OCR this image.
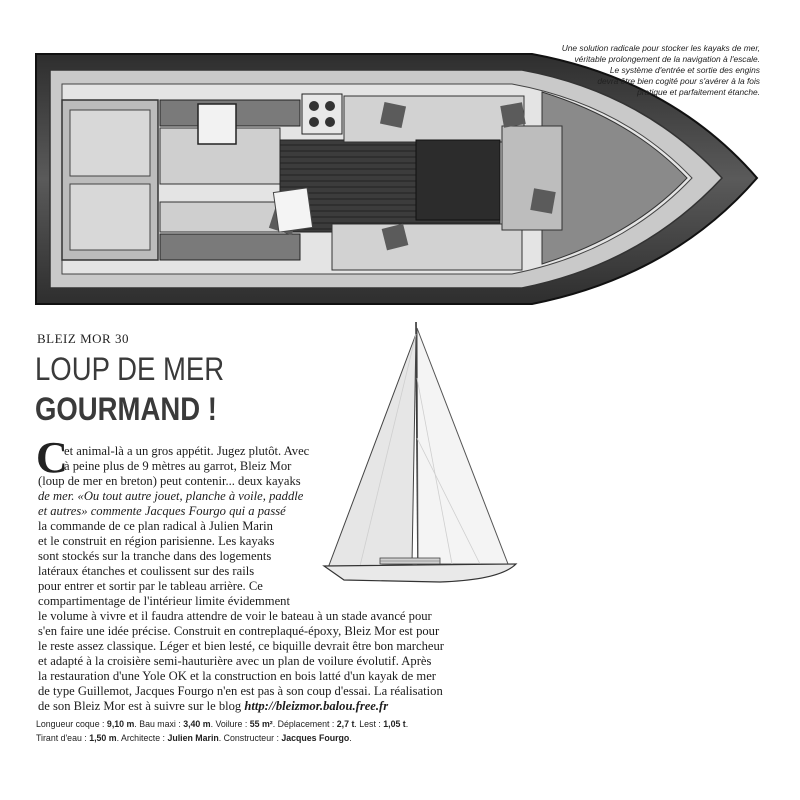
Une solution radicale pour stocker les kayaks de mer,
véritable prolongement de la navigation à l'escale.
Le système d'entrée et sortie des engins
devra être bien cogité pour s'avérer à la fois
pratique et parfaitement étanche.
BLEIZ MOR 30
LOUP DE MER
GOURMAND !
C
et animal-là a un gros appétit. Jugez plutôt. Avec
à peine plus de 9 mètres au garrot, Bleiz Mor
(loup de mer en breton) peut contenir... deux kayaks
de mer. «Ou tout autre jouet, planche à voile, paddle
et autres» commente Jacques Fourgo qui a passé
la commande de ce plan radical à Julien Marin
et le construit en région parisienne. Les kayaks
sont stockés sur la tranche dans des logements
latéraux étanches et coulissent sur des rails
pour entrer et sortir par le tableau arrière. Ce
compartimentage de l'intérieur limite évidemment
le volume à vivre et il faudra attendre de voir le bateau à un stade avancé pour
s'en faire une idée précise. Construit en contreplaqué-époxy, Bleiz Mor est pour
le reste assez classique. Léger et bien lesté, ce biquille devrait être bon marcheur
et adapté à la croisière semi-hauturière avec un plan de voilure évolutif. Après
la restauration d'une Yole OK et la construction en bois latté d'un kayak de mer
de type Guillemot, Jacques Fourgo n'en est pas à son coup d'essai. La réalisation
de son Bleiz Mor est à suivre sur le blog http://bleizmor.balou.free.fr
Longueur coque : 9,10 m. Bau maxi : 3,40 m. Voilure : 55 m². Déplacement : 2,7 t. Lest : 1,05 t.
Tirant d'eau : 1,50 m. Architecte : Julien Marin. Constructeur : Jacques Fourgo.
